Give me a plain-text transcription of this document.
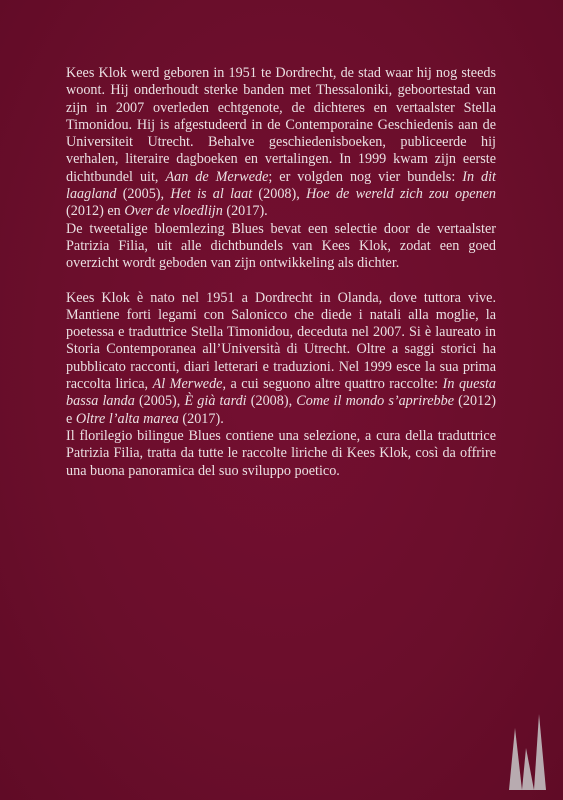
Kees Klok werd geboren in 1951 te Dordrecht, de stad waar hij nog steeds woont. Hij onderhoudt sterke banden met Thessaloniki, geboortestad van zijn in 2007 overleden echtgenote, de dichteres en vertaalster Stella Timonidou. Hij is afgestudeerd in de Contemporaine Geschiedenis aan de Universiteit Utrecht. Behalve geschiedenisboeken, publiceerde hij verhalen, literaire dagboeken en vertalingen. In 1999 kwam zijn eerste dichtbundel uit, Aan de Merwede; er volgden nog vier bundels: In dit laagland (2005), Het is al laat (2008), Hoe de wereld zich zou openen (2012) en Over de vloedlijn (2017).

De tweetalige bloemlezing Blues bevat een selectie door de vertaalster Patrizia Filia, uit alle dichtbundels van Kees Klok, zodat een goed overzicht wordt geboden van zijn ontwikkeling als dichter.

Kees Klok è nato nel 1951 a Dordrecht in Olanda, dove tuttora vive. Mantiene forti legami con Salonicco che diede i natali alla moglie, la poetessa e traduttrice Stella Timonidou, deceduta nel 2007. Si è laureato in Storia Contemporanea all’Università di Utrecht. Oltre a saggi storici ha pubblicato racconti, diari letterari e traduzioni. Nel 1999 esce la sua prima raccolta lirica, Al Merwede, a cui seguono altre quattro raccolte: In questa bassa landa (2005), È già tardi (2008), Come il mondo s’aprirebbe (2012) e Oltre l’alta marea (2017).

Il florilegio bilingue Blues contiene una selezione, a cura della traduttrice Patrizia Filia, tratta da tutte le raccolte liriche di Kees Klok, così da offrire una buona panoramica del suo sviluppo poetico.
